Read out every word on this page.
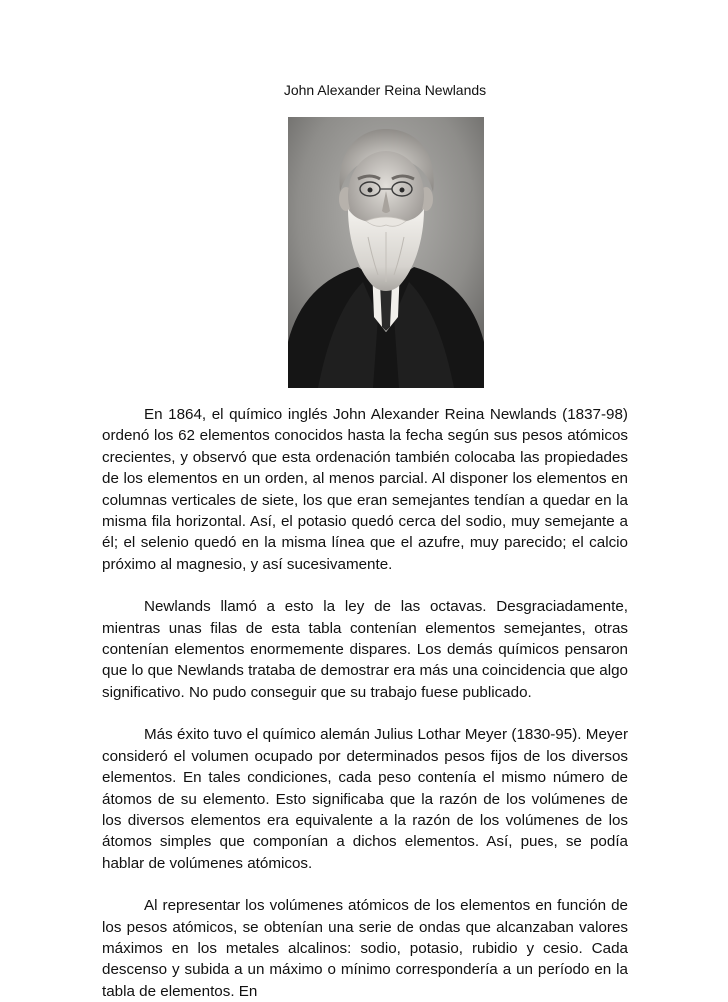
John Alexander Reina Newlands

En 1864, el químico inglés John Alexander Reina Newlands (1837-98) ordenó los 62 elementos conocidos hasta la fecha según sus pesos atómicos crecientes, y observó que esta ordenación también colocaba las propiedades de los elementos en un orden, al menos parcial. Al disponer los elementos en columnas verticales de siete, los que eran semejantes tendían a quedar en la misma fila horizontal. Así, el potasio quedó cerca del sodio, muy semejante a él; el selenio quedó en la misma línea que el azufre, muy parecido; el calcio próximo al magnesio, y así sucesivamente.

Newlands llamó a esto la ley de las octavas. Desgraciadamente, mientras unas filas de esta tabla contenían elementos semejantes, otras contenían elementos enormemente dispares. Los demás químicos pensaron que lo que Newlands trataba de demostrar era más una coincidencia que algo significativo. No pudo conseguir que su trabajo fuese publicado.

Más éxito tuvo el químico alemán Julius Lothar Meyer (1830-95). Meyer consideró el volumen ocupado por determinados pesos fijos de los diversos elementos. En tales condiciones, cada peso contenía el mismo número de átomos de su elemento. Esto significaba que la razón de los volúmenes de los diversos elementos era equivalente a la razón de los volúmenes de los átomos simples que componían a dichos elementos. Así, pues, se podía hablar de volúmenes atómicos.

Al representar los volúmenes atómicos de los elementos en función de los pesos atómicos, se obtenían una serie de ondas que alcanzaban valores máximos en los metales alcalinos: sodio, potasio, rubidio y cesio. Cada descenso y subida a un máximo o mínimo correspondería a un período en la tabla de elementos. En
